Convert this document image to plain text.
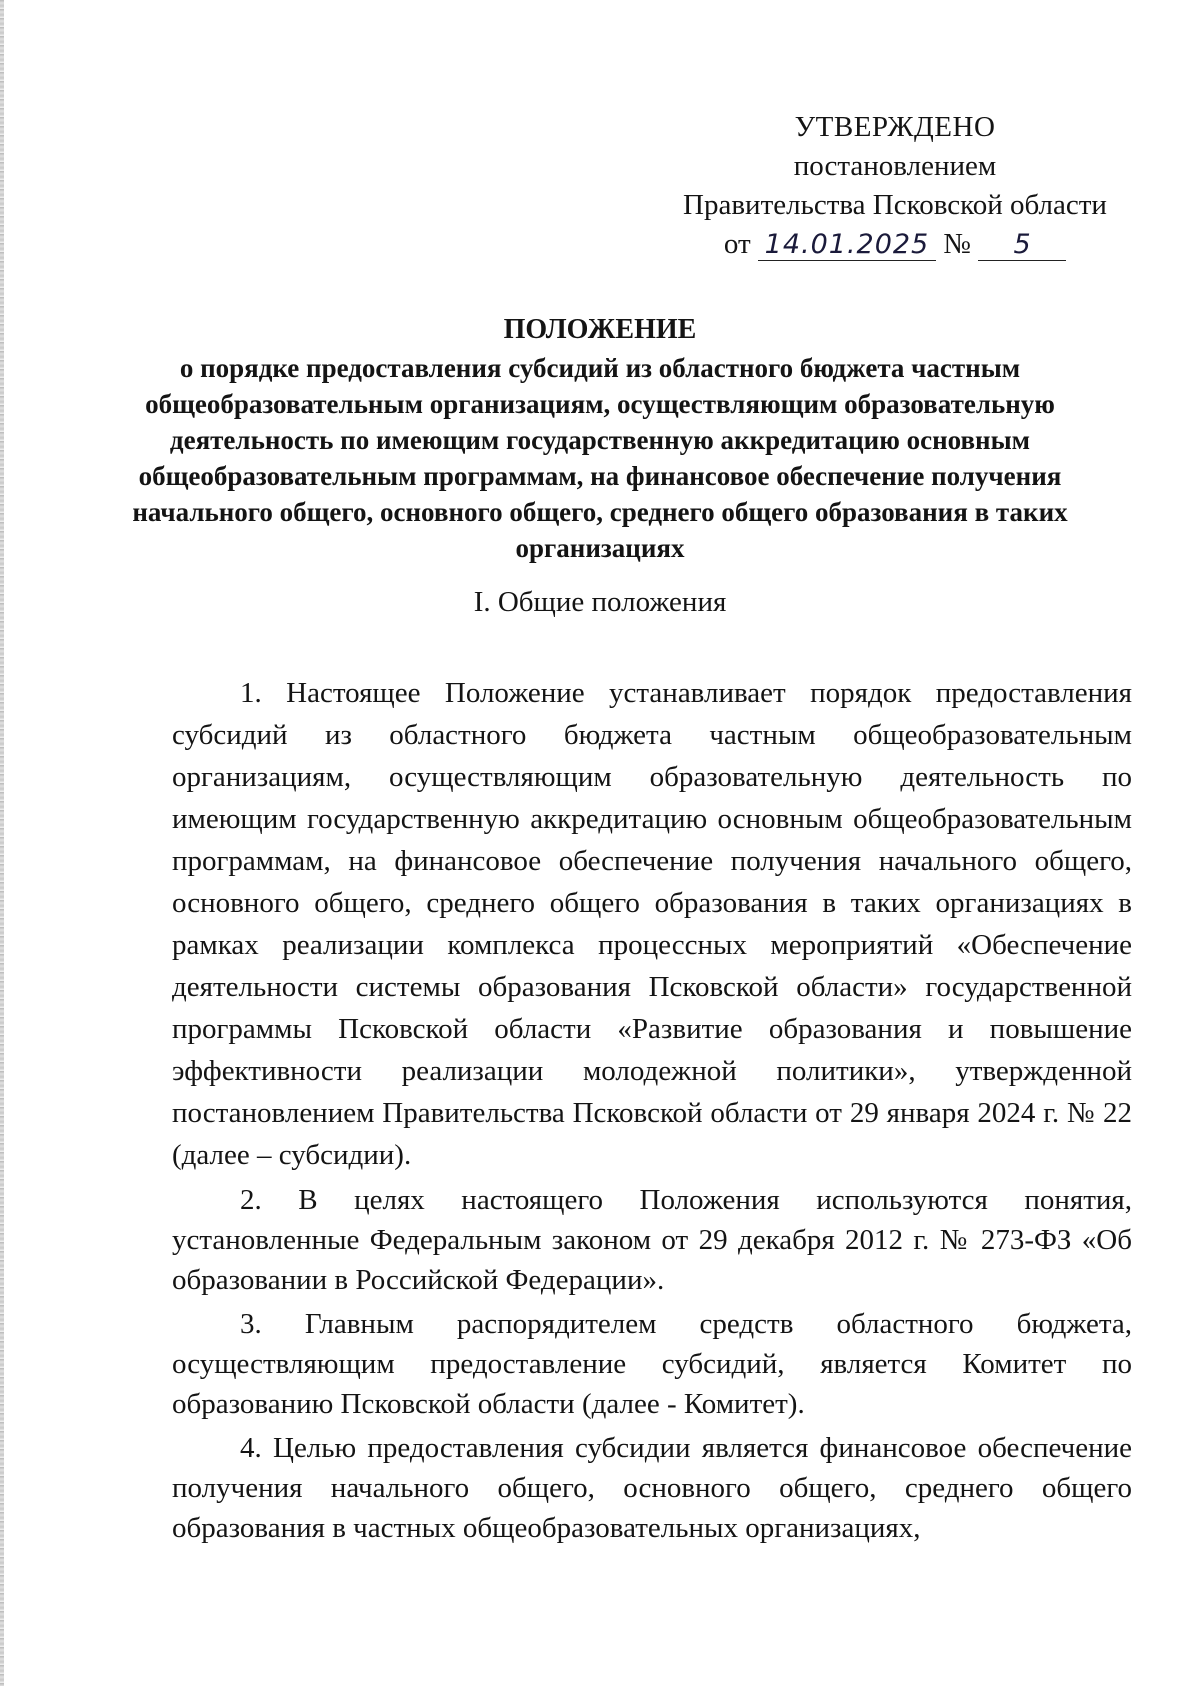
УТВЕРЖДЕНО
постановлением
Правительства Псковской области
от 14.01.2025 № 5
ПОЛОЖЕНИЕ
о порядке предоставления субсидий из областного бюджета частным общеобразовательным организациям, осуществляющим образовательную деятельность по имеющим государственную аккредитацию основным общеобразовательным программам, на финансовое обеспечение получения начального общего, основного общего, среднего общего образования в таких организациях
I. Общие положения

1. Настоящее Положение устанавливает порядок предоставления субсидий из областного бюджета частным общеобразовательным организациям, осуществляющим образовательную деятельность по имеющим государственную аккредитацию основным общеобразовательным программам, на финансовое обеспечение получения начального общего, основного общего, среднего общего образования в таких организациях в рамках реализации комплекса процессных мероприятий «Обеспечение деятельности системы образования Псковской области» государственной программы Псковской области «Развитие образования и повышение эффективности реализации молодежной политики», утвержденной постановлением Правительства Псковской области от 29 января 2024 г. № 22 (далее – субсидии).

2. В целях настоящего Положения используются понятия, установленные Федеральным законом от 29 декабря 2012 г. № 273-ФЗ «Об образовании в Российской Федерации».

3. Главным распорядителем средств областного бюджета, осуществляющим предоставление субсидий, является Комитет по образованию Псковской области (далее - Комитет).

4. Целью предоставления субсидии является финансовое обеспечение получения начального общего, основного общего, среднего общего образования в частных общеобразовательных организациях,
